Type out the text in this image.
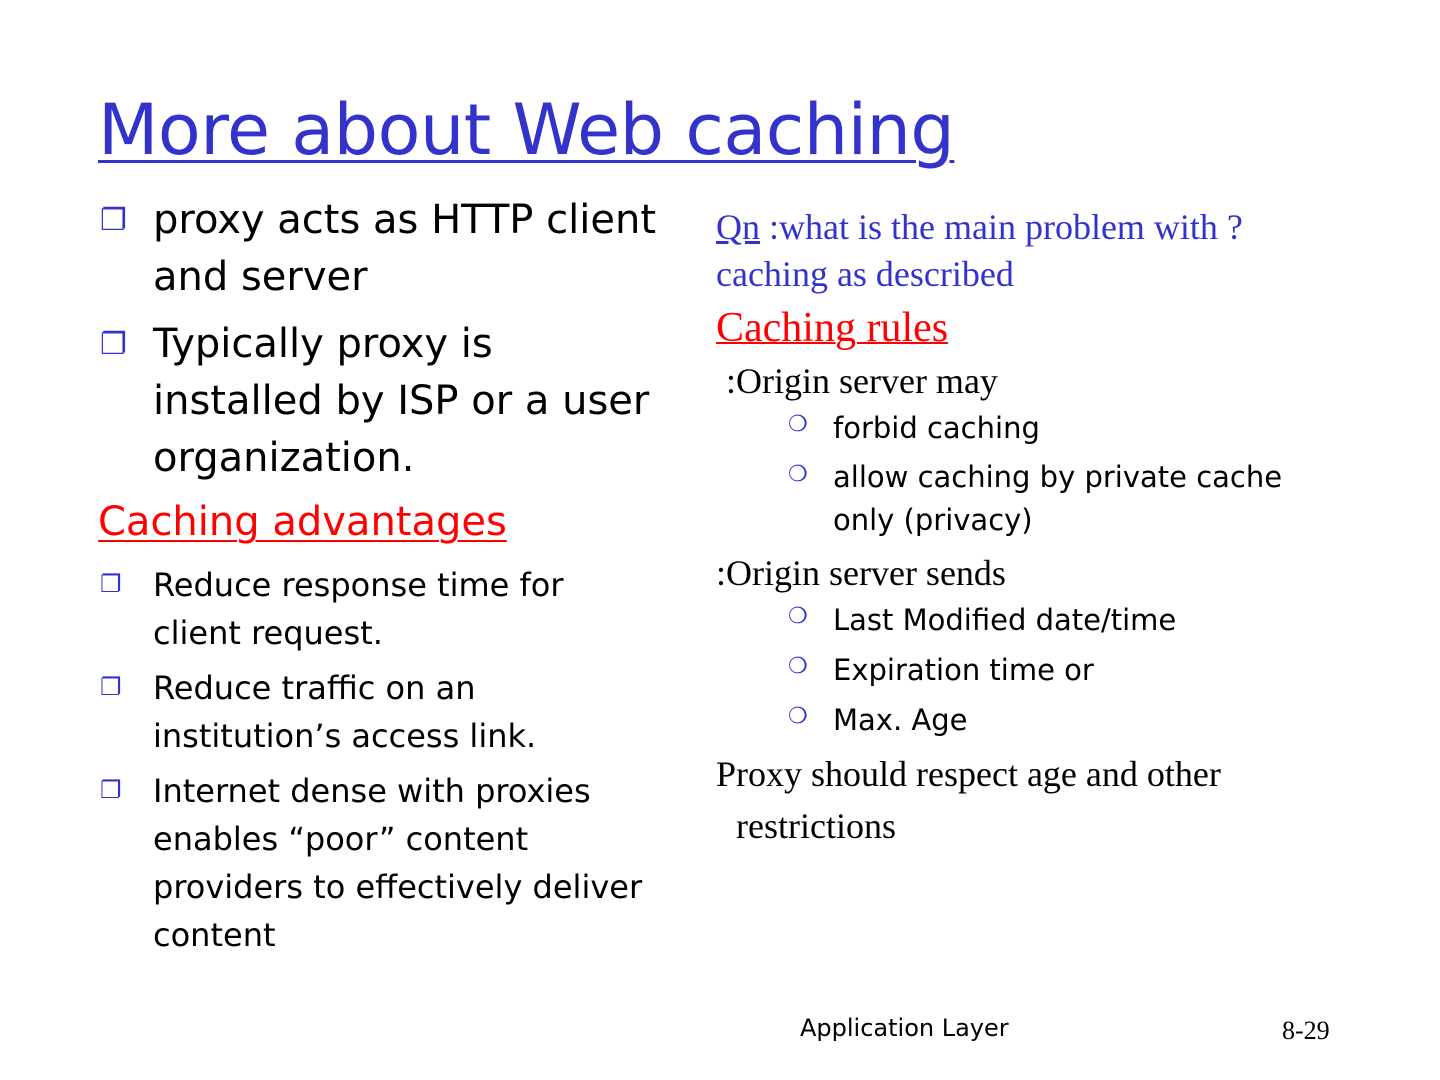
More about Web caching
❐ proxy acts as HTTP client and server
❐ Typically proxy is installed by ISP or a user organization.
Caching advantages
❐ Reduce response time for client request.
❐ Reduce traffic on an institution’s access link.
❐ Internet dense with proxies enables “poor” content providers to effectively deliver content

Qn :what is the main problem with ?caching as described

Caching rules

:Origin server may

❍ forbid caching
❍ allow caching by private cache only (privacy)

:Origin server sends

❍ Last Modified date/time
❍ Expiration time or
❍ Max. Age

Proxy should respect age and other
restrictions

Application Layer	8-29
